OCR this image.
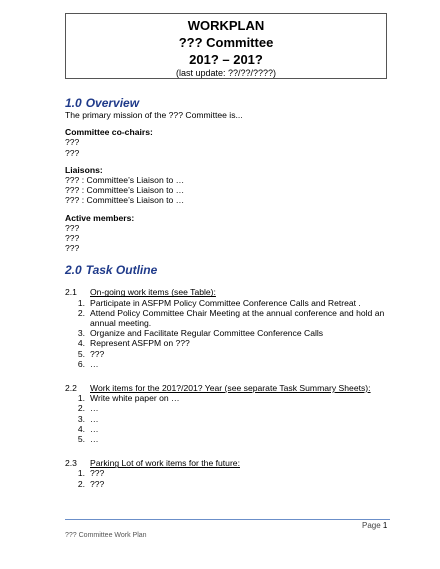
WORKPLAN
??? Committee
201? – 201?
(last update: ??/??/????)
1.0 Overview

The primary mission of the ??? Committee is...

Committee co-chairs:

???

???

Liaisons:

??? : Committee’s Liaison to …

??? : Committee’s Liaison to …

??? : Committee’s Liaison to …

Active members:

???

???

???

2.0 Task Outline
2.1	On-going work items (see Table):
1. Participate in ASFPM Policy Committee Conference Calls and Retreat .
2. Attend Policy Committee Chair Meeting at the annual conference and hold an annual meeting.
3. Organize and Facilitate Regular Committee Conference Calls
4. Represent ASFPM on ???
5. ???
6. …
2.2	Work items for the 201?/201? Year (see separate Task Summary Sheets):
1. Write white paper on …
2. …
3. …
4. …
5. …
2.3	Parking Lot of work items for the future:
1. ???
2. ???
Page 1
??? Committee Work Plan
